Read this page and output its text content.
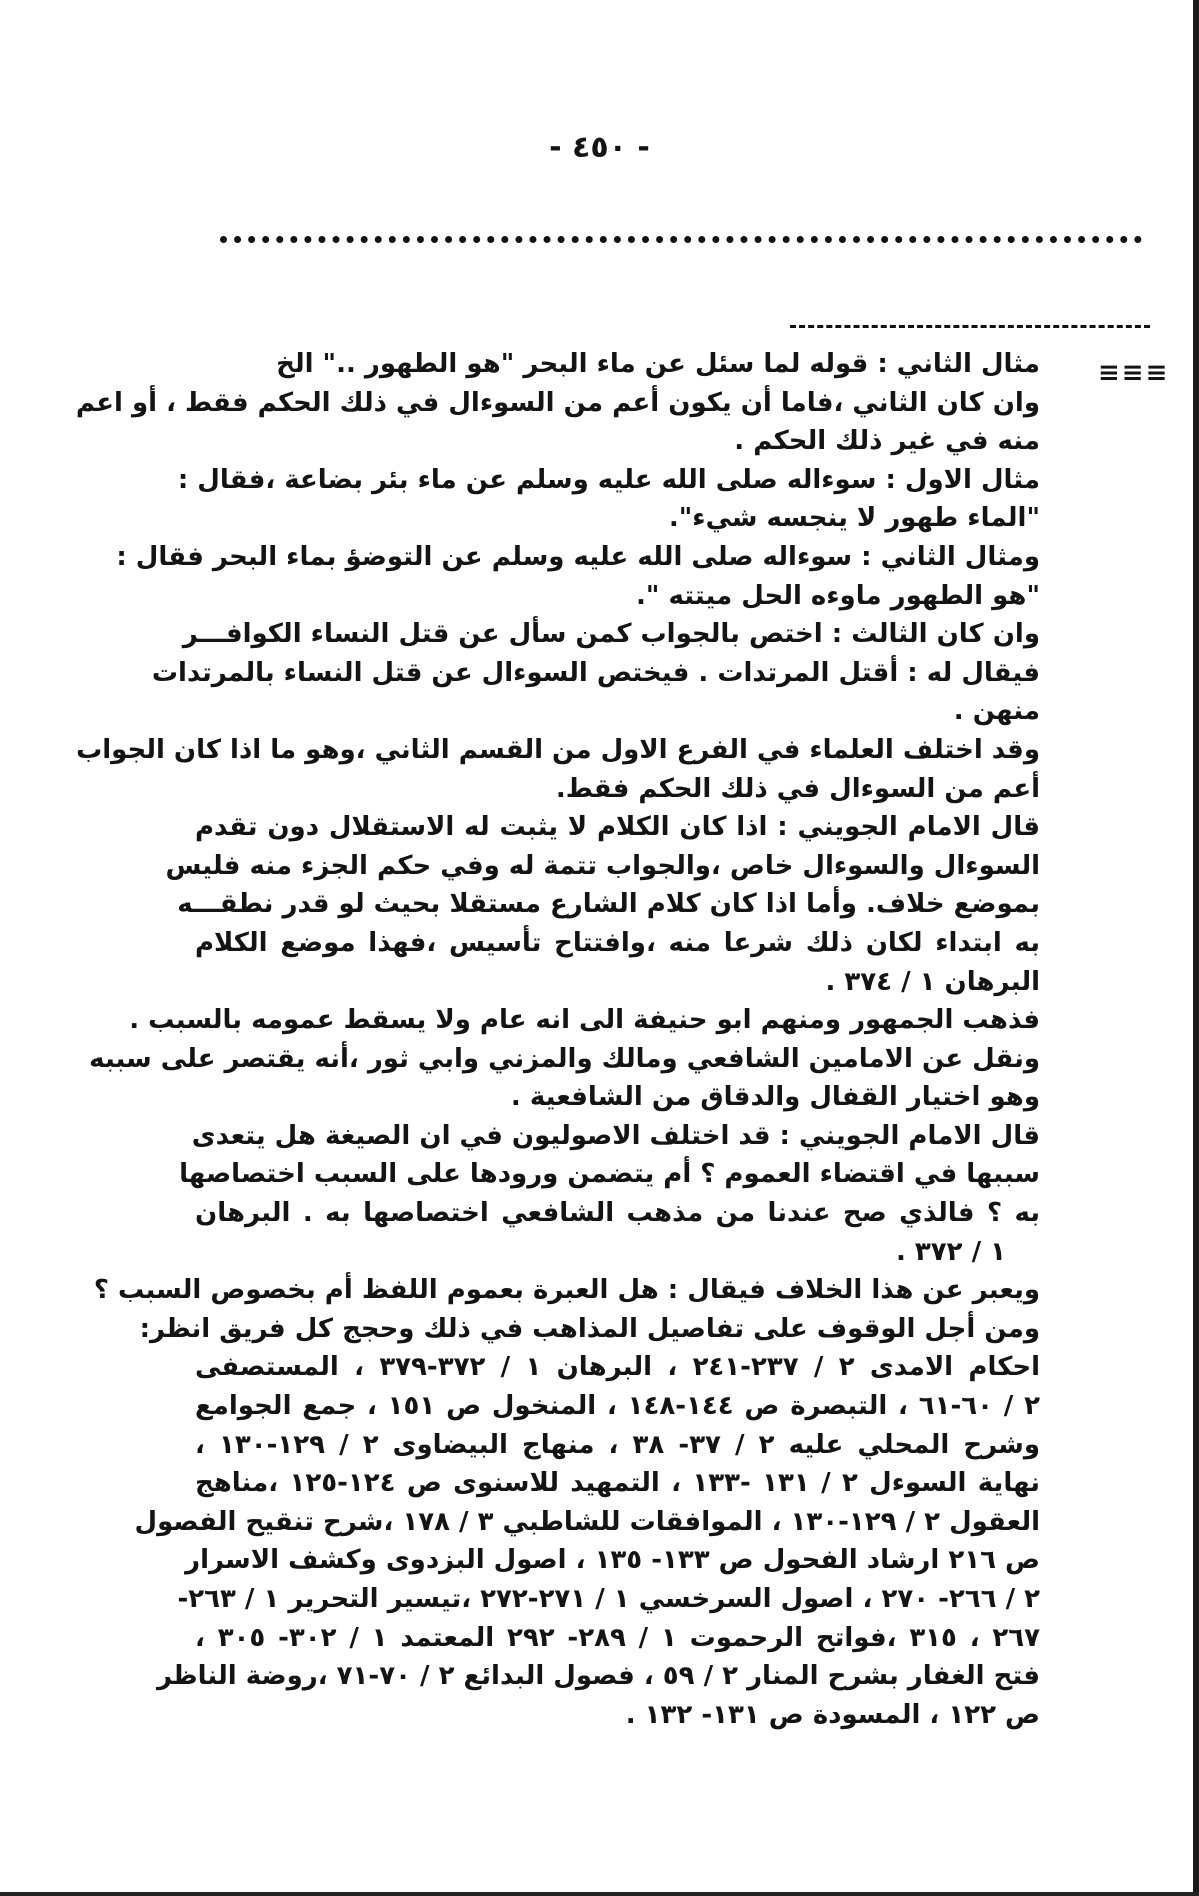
- ٤٥٠ -
≡≡≡
مثال الثاني : قوله لما سئل عن ماء البحر "هو الطهور .." الخ
وان كان الثاني ،فاما أن يكون أعم من السوءال في ذلك الحكم فقط ، أو اعم
منه في غير ذلك الحكم .
مثال الاول : سوءاله صلى الله عليه وسلم عن ماء بئر بضاعة ،فقال :
"الماء طهور لا ينجسه شيء".
ومثال الثاني : سوءاله صلى الله عليه وسلم عن التوضؤ بماء البحر فقال :
"هو الطهور ماوءه الحل ميتته ".
وان كان الثالث : اختص بالجواب كمن سأل عن قتل النساء الكوافـــر
فيقال له : أقتل المرتدات . فيختص السوءال عن قتل النساء بالمرتدات
منهن .
وقد اختلف العلماء في الفرع الاول من القسم الثاني ،وهو ما اذا كان الجواب
أعم من السوءال في ذلك الحكم فقط.
قال الامام الجويني : اذا كان الكلام لا يثبت له الاستقلال دون تقدم
السوءال والسوءال خاص ،والجواب تتمة له وفي حكم الجزء منه فليس
بموضع خلاف. وأما اذا كان كلام الشارع مستقلا بحيث لو قدر نطقـــه
به ابتداء لكان ذلك شرعا منه ،وافتتاح تأسيس ،فهذا موضع الكلام
البرهان ١ / ٣٧٤ .
فذهب الجمهور ومنهم ابو حنيفة الى انه عام ولا يسقط عمومه بالسبب .
ونقل عن الامامين الشافعي ومالك والمزني وابي ثور ،أنه يقتصر على سببه
وهو اختيار القفال والدقاق من الشافعية .
قال الامام الجويني : قد اختلف الاصوليون في ان الصيغة هل يتعدى
سببها في اقتضاء العموم ؟ أم يتضمن ورودها على السبب اختصاصها
به ؟ فالذي صح عندنا من مذهب الشافعي اختصاصها به . البرهان
١ / ٣٧٢ .
ويعبر عن هذا الخلاف فيقال : هل العبرة بعموم اللفظ أم بخصوص السبب ؟
ومن أجل الوقوف على تفاصيل المذاهب في ذلك وحجج كل فريق انظر:
احكام الامدى ٢ / ٢٣٧-٢٤١ ، البرهان ١ / ٣٧٢-٣٧٩ ، المستصفى
٢ / ٦٠-٦١ ، التبصرة ص ١٤٤-١٤٨ ، المنخول ص ١٥١ ، جمع الجوامع
وشرح المحلي عليه ٢ / ٣٧- ٣٨ ، منهاج البيضاوى ٢ / ١٢٩-١٣٠ ،
نهاية السوءل ٢ / ١٣١ -١٣٣ ، التمهيد للاسنوى ص ١٢٤-١٢٥ ،مناهج
العقول ٢ / ١٢٩-١٣٠ ، الموافقات للشاطبي ٣ / ١٧٨ ،شرح تنقيح الفصول
ص ٢١٦ ارشاد الفحول ص ١٣٣- ١٣٥ ، اصول البزدوى وكشف الاسرار
٢ / ٢٦٦- ٢٧٠ ، اصول السرخسي ١ / ٢٧١-٢٧٢ ،تيسير التحرير ١ / ٢٦٣-
٢٦٧ ، ٣١٥ ،فواتح الرحموت ١ / ٢٨٩- ٢٩٢ المعتمد ١ / ٣٠٢- ٣٠٥ ،
فتح الغفار بشرح المنار ٢ / ٥٩ ، فصول البدائع ٢ / ٧٠-٧١ ،روضة الناظر
ص ١٢٢ ، المسودة ص ١٣١- ١٣٢ .
